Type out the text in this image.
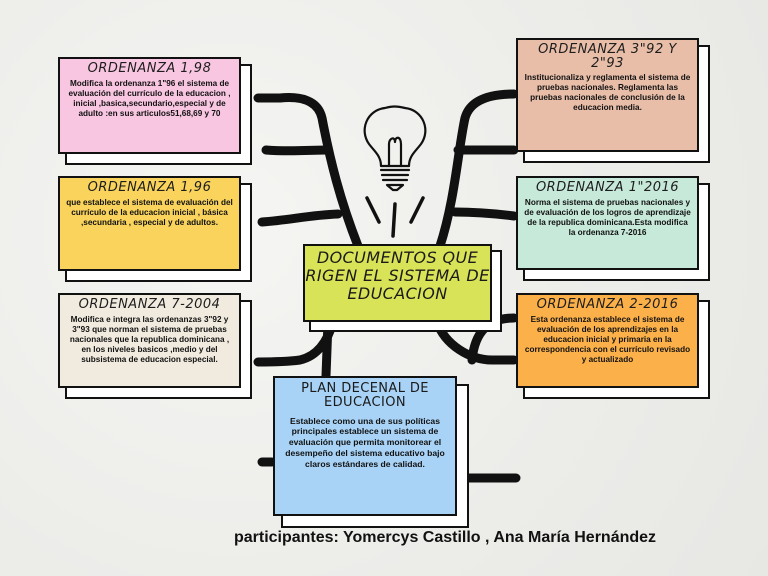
ORDENANZA 1,98
Modifica la ordenanza 1"96 el sistema de evaluación del currículo de la educacion , inicial ,basica,secundario,especial y de adulto :en sus articulos51,68,69 y 70
ORDENANZA 1,96
que establece el sistema de evaluación del currículo de la educacion inicial , básica ,secundaria , especial y de adultos.
ORDENANZA 7-2004
Modifica e integra las ordenanzas 3"92 y 3"93 que norman el sistema de pruebas nacionales que la republica dominicana , en los niveles basicos ,medio y del subsistema de educacion especial.
ORDENANZA 3"92 Y 2"93
Institucionaliza y reglamenta el sistema de pruebas nacionales. Reglamenta las pruebas nacionales de conclusión de la educacion media.
ORDENANZA 1"2016
Norma el sistema de pruebas nacionales y de evaluación de los logros de aprendizaje de la republica dominicana.Esta modifica la ordenanza 7-2016
ORDENANZA 2-2016
Esta ordenanza establece el sistema de evaluación de los aprendizajes en la educacion inicial y primaria en la correspondencia con el currículo revisado y actualizado
DOCUMENTOS QUE RIGEN EL SISTEMA DE EDUCACION
PLAN DECENAL DE EDUCACION
Establece como una de sus políticas principales establece un sistema de evaluación que permita monitorear el desempeño del sistema educativo bajo claros estándares de calidad.
participantes: Yomercys Castillo , Ana María Hernández
